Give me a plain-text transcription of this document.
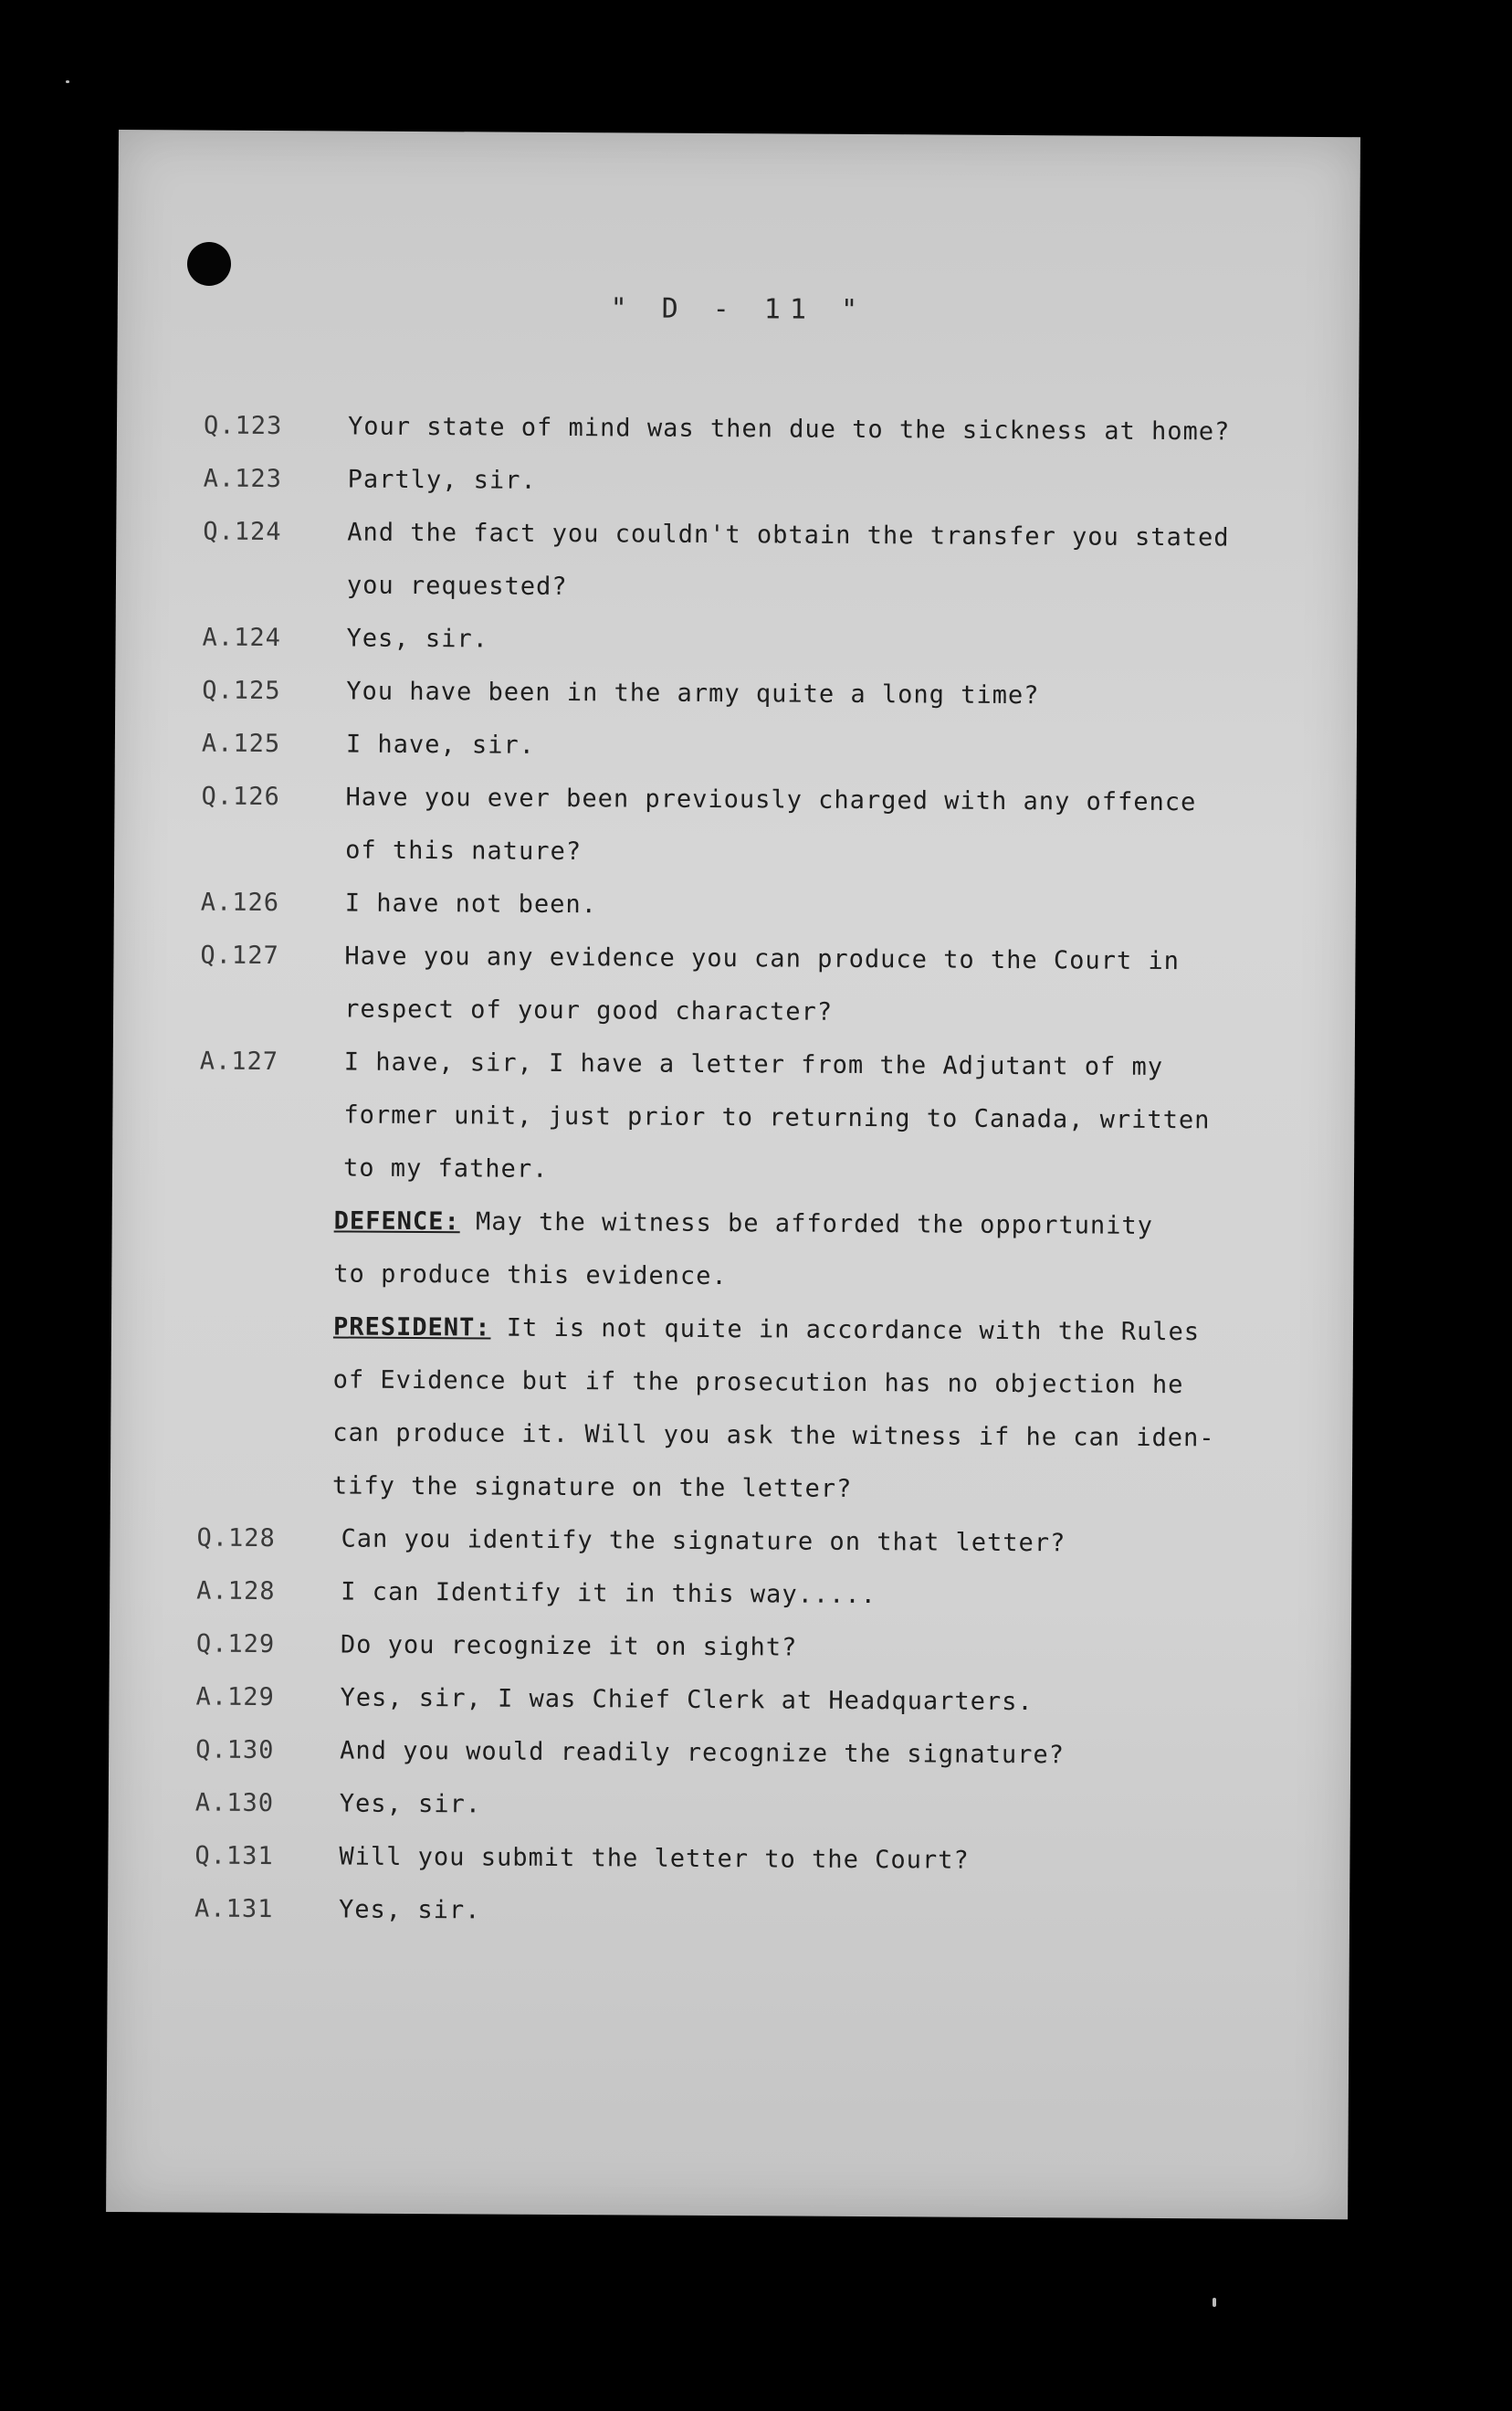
" D - 11 "
Q.123	Your state of mind was then due to the sickness at home?
A.123	Partly, sir.
Q.124	And the fact you couldn't obtain the transfer you stated
you requested?
A.124	Yes, sir.
Q.125	You have been in the army quite a long time?
A.125	I have, sir.
Q.126	Have you ever been previously charged with any offence
of this nature?
A.126	I have not been.
Q.127	Have you any evidence you can produce to the Court in
respect of your good character?
A.127	I have, sir, I have a letter from the Adjutant of my
former unit, just prior to returning to Canada, written
to my father.
DEFENCE: May the witness be afforded the opportunity
to produce this evidence.
PRESIDENT: It is not quite in accordance with the Rules
of Evidence but if the prosecution has no objection he
can produce it. Will you ask the witness if he can iden-
tify the signature on the letter?
Q.128	Can you identify the signature on that letter?
A.128	I can Identify it in this way.....
Q.129	Do you recognize it on sight?
A.129	Yes, sir, I was Chief Clerk at Headquarters.
Q.130	And you would readily recognize the signature?
A.130	Yes, sir.
Q.131	Will you submit the letter to the Court?
A.131	Yes, sir.
